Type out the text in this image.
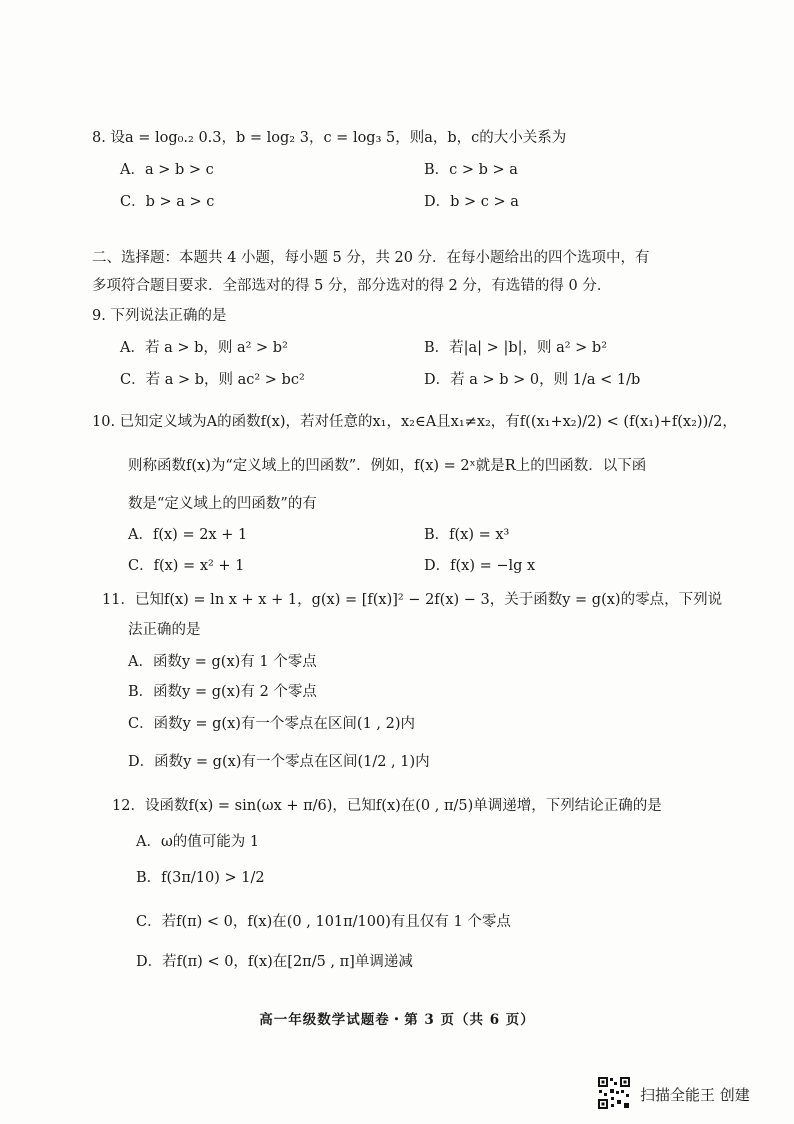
8. 设a = log₀.₂ 0.3，b = log₂ 3，c = log₃ 5，则a，b，c的大小关系为
A．a > b > c	B．c > b > a
C．b > a > c	D．b > c > a
二、选择题：本题共 4 小题，每小题 5 分，共 20 分．在每小题给出的四个选项中，有
多项符合题目要求．全部选对的得 5 分，部分选对的得 2 分，有选错的得 0 分．
9. 下列说法正确的是
A．若 a > b，则 a² > b²	B．若|a| > |b|，则 a² > b²
C．若 a > b，则 ac² > bc²	D．若 a > b > 0，则 1/a < 1/b
10. 已知定义域为A的函数f(x)，若对任意的x₁，x₂∈A且x₁≠x₂，有f((x₁+x₂)/2) < (f(x₁)+f(x₂))/2，
则称函数f(x)为“定义域上的凹函数”．例如，f(x) = 2ˣ就是R上的凹函数．以下函
数是“定义域上的凹函数”的有
A．f(x) = 2x + 1	B．f(x) = x³
C．f(x) = x² + 1	D．f(x) = −lg x
11．已知f(x) = ln x + x + 1，g(x) = [f(x)]² − 2f(x) − 3，关于函数y = g(x)的零点，下列说
法正确的是
A．函数y = g(x)有 1 个零点
B．函数y = g(x)有 2 个零点
C．函数y = g(x)有一个零点在区间(1 , 2)内
D．函数y = g(x)有一个零点在区间(1/2 , 1)内
12．设函数f(x) = sin(ωx + π/6)，已知f(x)在(0 , π/5)单调递增，下列结论正确的是
A．ω的值可能为 1
B．f(3π/10) > 1/2
C．若f(π) < 0，f(x)在(0 , 101π/100)有且仅有 1 个零点
D．若f(π) < 0，f(x)在[2π/5 , π]单调递减
高一年级数学试题卷・第 3 页（共 6 页）
扫描全能王 创建
